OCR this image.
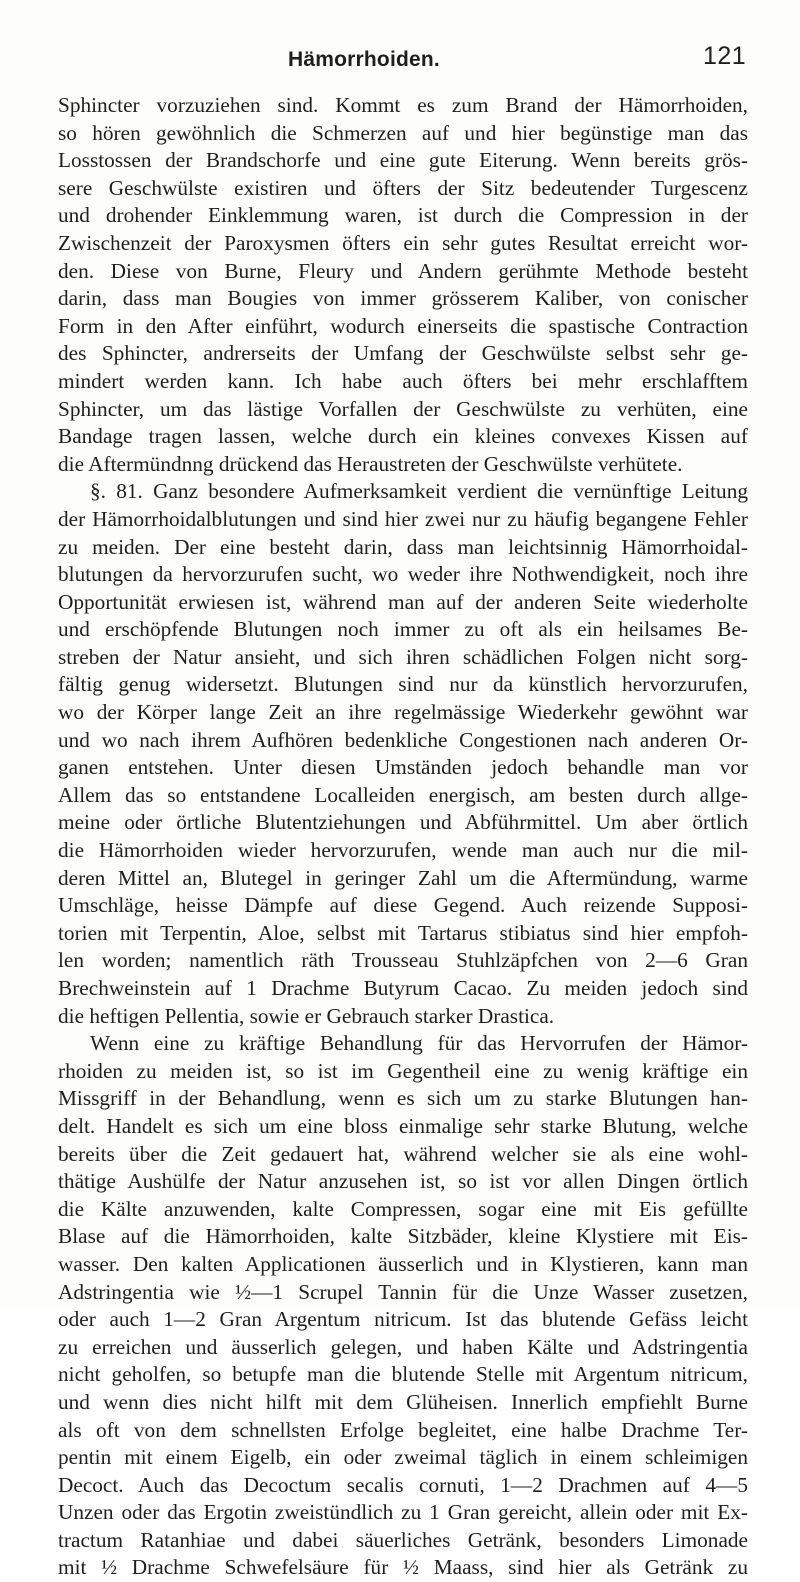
Hämorrhoiden.	121
Sphincter vorzuziehen sind. Kommt es zum Brand der Hämorrhoiden,
so hören gewöhnlich die Schmerzen auf und hier begünstige man das
Losstossen der Brandschorfe und eine gute Eiterung. Wenn bereits grös-
sere Geschwülste existiren und öfters der Sitz bedeutender Turgescenz
und drohender Einklemmung waren, ist durch die Compression in der
Zwischenzeit der Paroxysmen öfters ein sehr gutes Resultat erreicht wor-
den. Diese von Burne, Fleury und Andern gerühmte Methode besteht
darin, dass man Bougies von immer grösserem Kaliber, von conischer
Form in den After einführt, wodurch einerseits die spastische Contraction
des Sphincter, andrerseits der Umfang der Geschwülste selbst sehr ge-
mindert werden kann. Ich habe auch öfters bei mehr erschlafftem
Sphincter, um das lästige Vorfallen der Geschwülste zu verhüten, eine
Bandage tragen lassen, welche durch ein kleines convexes Kissen auf
die Aftermündnng drückend das Heraustreten der Geschwülste verhütete.
§. 81. Ganz besondere Aufmerksamkeit verdient die vernünftige Leitung
der Hämorrhoidalblutungen und sind hier zwei nur zu häufig begangene Fehler
zu meiden. Der eine besteht darin, dass man leichtsinnig Hämorrhoidal-
blutungen da hervorzurufen sucht, wo weder ihre Nothwendigkeit, noch ihre
Opportunität erwiesen ist, während man auf der anderen Seite wiederholte
und erschöpfende Blutungen noch immer zu oft als ein heilsames Be-
streben der Natur ansieht, und sich ihren schädlichen Folgen nicht sorg-
fältig genug widersetzt. Blutungen sind nur da künstlich hervorzurufen,
wo der Körper lange Zeit an ihre regelmässige Wiederkehr gewöhnt war
und wo nach ihrem Aufhören bedenkliche Congestionen nach anderen Or-
ganen entstehen. Unter diesen Umständen jedoch behandle man vor
Allem das so entstandene Localleiden energisch, am besten durch allge-
meine oder örtliche Blutentziehungen und Abführmittel. Um aber örtlich
die Hämorrhoiden wieder hervorzurufen, wende man auch nur die mil-
deren Mittel an, Blutegel in geringer Zahl um die Aftermündung, warme
Umschläge, heisse Dämpfe auf diese Gegend. Auch reizende Supposi-
torien mit Terpentin, Aloe, selbst mit Tartarus stibiatus sind hier empfoh-
len worden; namentlich räth Trousseau Stuhlzäpfchen von 2—6 Gran
Brechweinstein auf 1 Drachme Butyrum Cacao. Zu meiden jedoch sind
die heftigen Pellentia, sowie er Gebrauch starker Drastica.
Wenn eine zu kräftige Behandlung für das Hervorrufen der Hämor-
rhoiden zu meiden ist, so ist im Gegentheil eine zu wenig kräftige ein
Missgriff in der Behandlung, wenn es sich um zu starke Blutungen han-
delt. Handelt es sich um eine bloss einmalige sehr starke Blutung, welche
bereits über die Zeit gedauert hat, während welcher sie als eine wohl-
thätige Aushülfe der Natur anzusehen ist, so ist vor allen Dingen örtlich
die Kälte anzuwenden, kalte Compressen, sogar eine mit Eis gefüllte
Blase auf die Hämorrhoiden, kalte Sitzbäder, kleine Klystiere mit Eis-
wasser. Den kalten Applicationen äusserlich und in Klystieren, kann man
Adstringentia wie ½—1 Scrupel Tannin für die Unze Wasser zusetzen,
oder auch 1—2 Gran Argentum nitricum. Ist das blutende Gefäss leicht
zu erreichen und äusserlich gelegen, und haben Kälte und Adstringentia
nicht geholfen, so betupfe man die blutende Stelle mit Argentum nitricum,
und wenn dies nicht hilft mit dem Glüheisen. Innerlich empfiehlt Burne
als oft von dem schnellsten Erfolge begleitet, eine halbe Drachme Ter-
pentin mit einem Eigelb, ein oder zweimal täglich in einem schleimigen
Decoct. Auch das Decoctum secalis cornuti, 1—2 Drachmen auf 4—5
Unzen oder das Ergotin zweistündlich zu 1 Gran gereicht, allein oder mit Ex-
tractum Ratanhiae und dabei säuerliches Getränk, besonders Limonade
mit ½ Drachme Schwefelsäure für ½ Maass, sind hier als Getränk zu
